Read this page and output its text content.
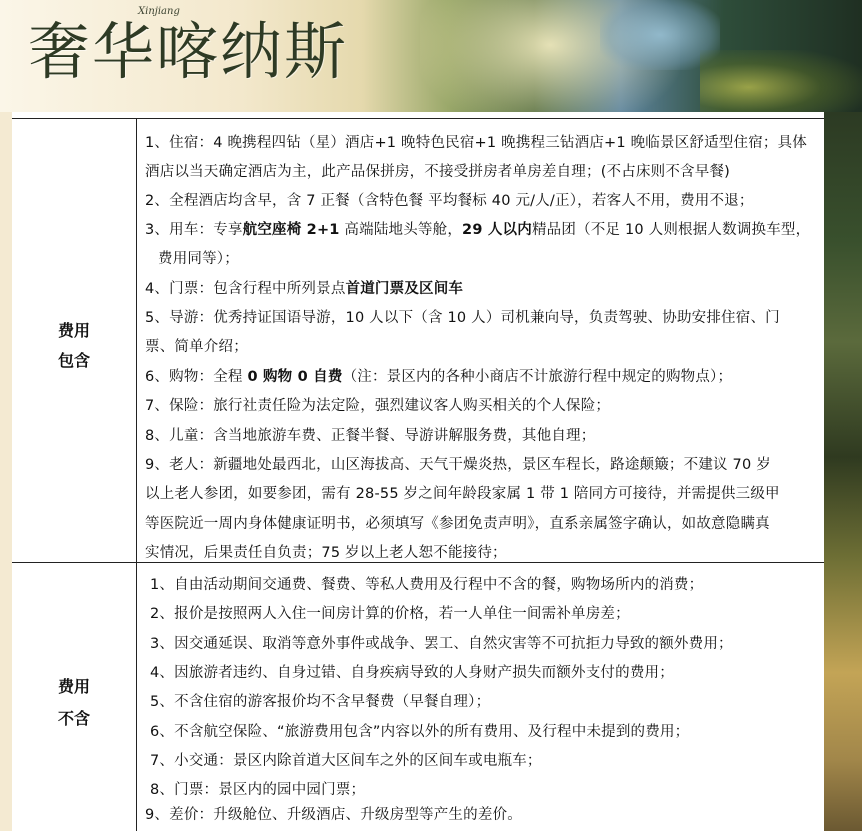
奢华喀纳斯
Xinjiang
费用
包含
1、住宿：4 晚携程四钻（星）酒店+1 晚特色民宿+1 晚携程三钻酒店+1 晚临景区舒适型住宿；具体
酒店以当天确定酒店为主，此产品保拼房，不接受拼房者单房差自理；(不占床则不含早餐)
2、全程酒店均含早，含 7 正餐（含特色餐 平均餐标 40 元/人/正），若客人不用，费用不退；
3、用车：专享航空座椅 2+1 高端陆地头等舱，29 人以内精品团（不足 10 人则根据人数调换车型，
费用同等）；
4、门票：包含行程中所列景点首道门票及区间车
5、导游：优秀持证国语导游，10 人以下（含 10 人）司机兼向导，负责驾驶、协助安排住宿、门
票、简单介绍；
6、购物：全程 0 购物 0 自费（注：景区内的各种小商店不计旅游行程中规定的购物点）；
7、保险：旅行社责任险为法定险，强烈建议客人购买相关的个人保险；
8、儿童：含当地旅游车费、正餐半餐、导游讲解服务费，其他自理；
9、老人：新疆地处最西北，山区海拔高、天气干燥炎热，景区车程长，路途颠簸；不建议 70 岁
以上老人参团，如要参团，需有 28-55 岁之间年龄段家属 1 带 1 陪同方可接待，并需提供三级甲
等医院近一周内身体健康证明书，必须填写《参团免责声明》，直系亲属签字确认，如故意隐瞒真
实情况，后果责任自负责；75 岁以上老人恕不能接待；
费用
不含
1、自由活动期间交通费、餐费、等私人费用及行程中不含的餐，购物场所内的消费；
2、报价是按照两人入住一间房计算的价格，若一人单住一间需补单房差；
3、因交通延误、取消等意外事件或战争、罢工、自然灾害等不可抗拒力导致的额外费用；
4、因旅游者违约、自身过错、自身疾病导致的人身财产损失而额外支付的费用；
5、不含住宿的游客报价均不含早餐费（早餐自理）；
6、不含航空保险、“旅游费用包含”内容以外的所有费用、及行程中未提到的费用；
7、小交通：景区内除首道大区间车之外的区间车或电瓶车；
8、门票：景区内的园中园门票；
9、差价：升级舱位、升级酒店、升级房型等产生的差价。
